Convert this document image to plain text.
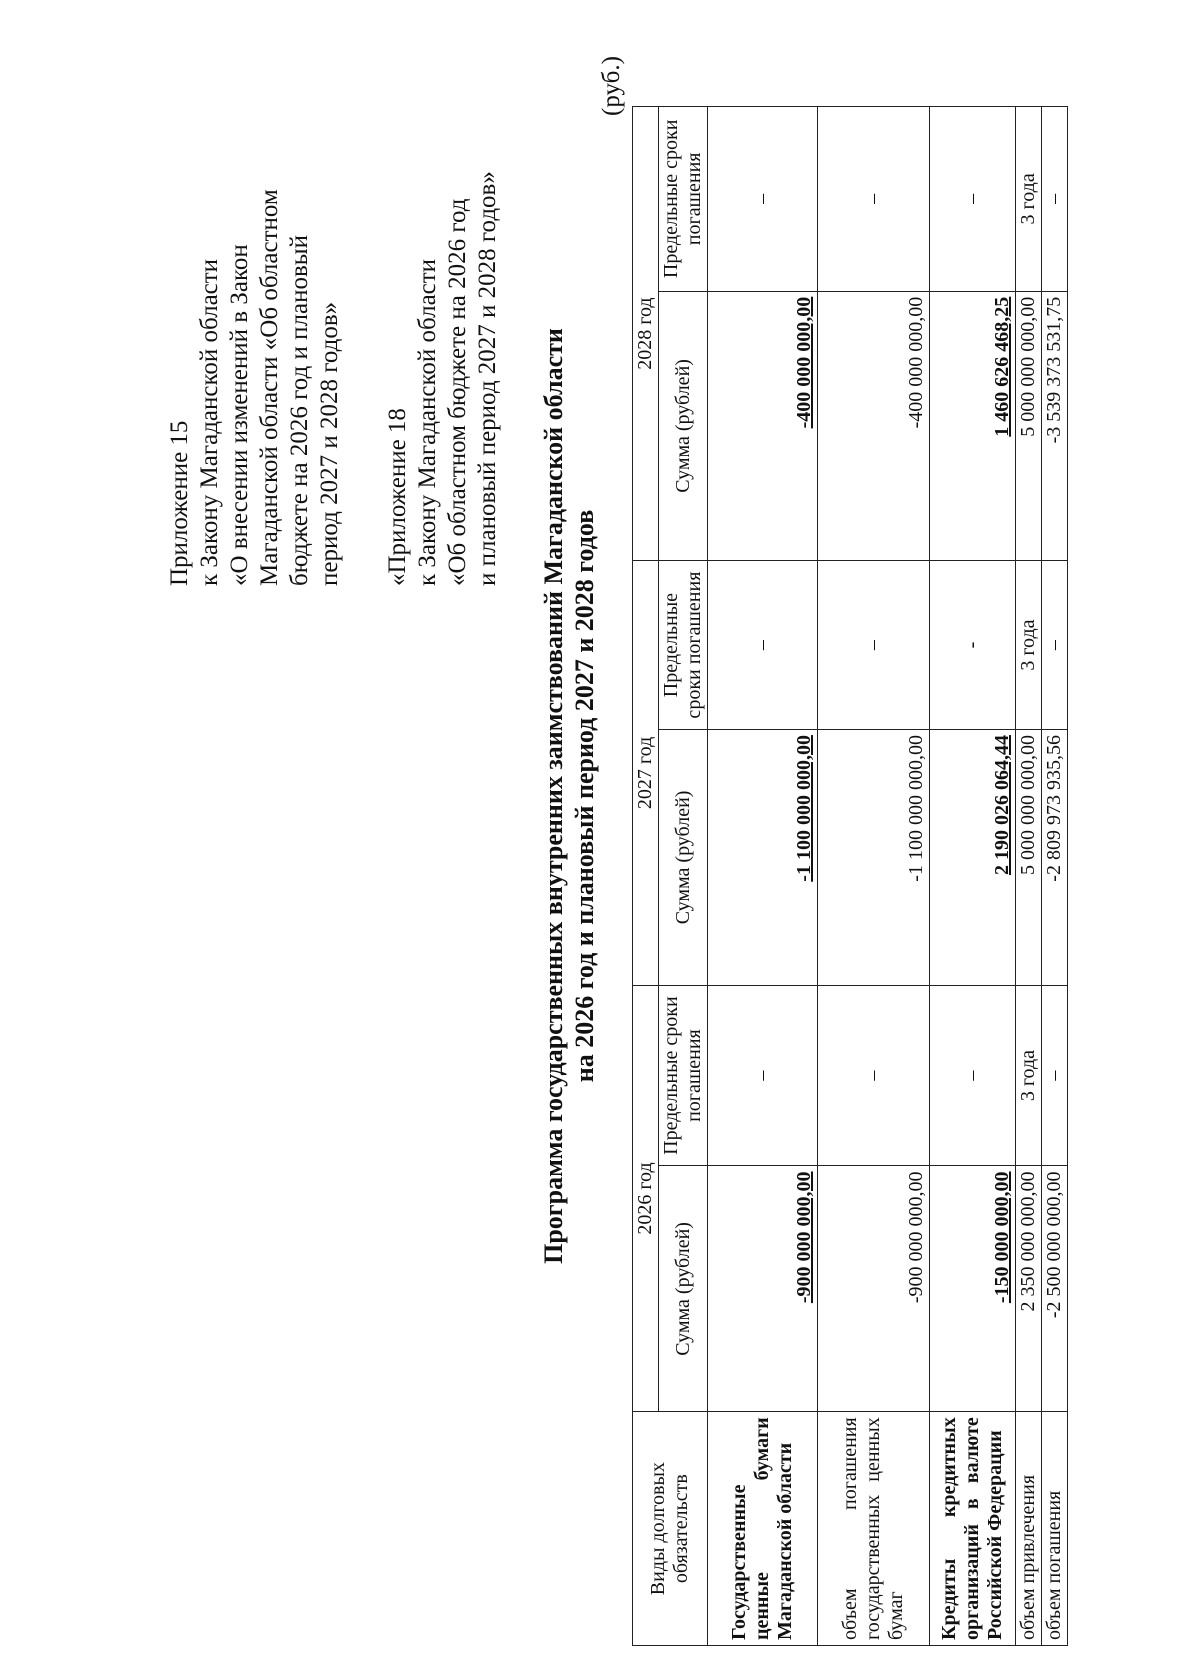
Приложение 15 к Закону Магаданской области «О внесении изменений в Закон Магаданской области «Об областном бюджете на 2026 год и плановый период 2027 и 2028 годов» «Приложение 18 к Закону Магаданской области «Об областном бюджете на 2026 год и плановый период 2027 и 2028 годов» Программа государственных внутренних заимствований Магаданской области на 2026 год и плановый период 2027 и 2028 годов
(руб.)
Виды долговых обязательств	2026 год		2027 год		2028 год	
	Сумма (рублей)	Предельные сроки погашения	Сумма (рублей)	Предельные сроки погашения	Сумма (рублей)	Предельные сроки погашения
Государственные ценные бумаги Магаданской области	-900 000 000,00	–	-1 100 000 000,00	–	-400 000 000,00	–
объем погашения государственных ценных бумаг	-900 000 000,00	–	-1 100 000 000,00	–	-400 000 000,00	–
Кредиты кредитных организаций в валюте Российской Федерации	-150 000 000,00	–	2 190 026 064,44	-	1 460 626 468,25	–
объем привлечения	2 350 000 000,00	3 года	5 000 000 000,00	3 года	5 000 000 000,00	3 года
объем погашения	-2 500 000 000,00	–	-2 809 973 935,56	–	-3 539 373 531,75	–
